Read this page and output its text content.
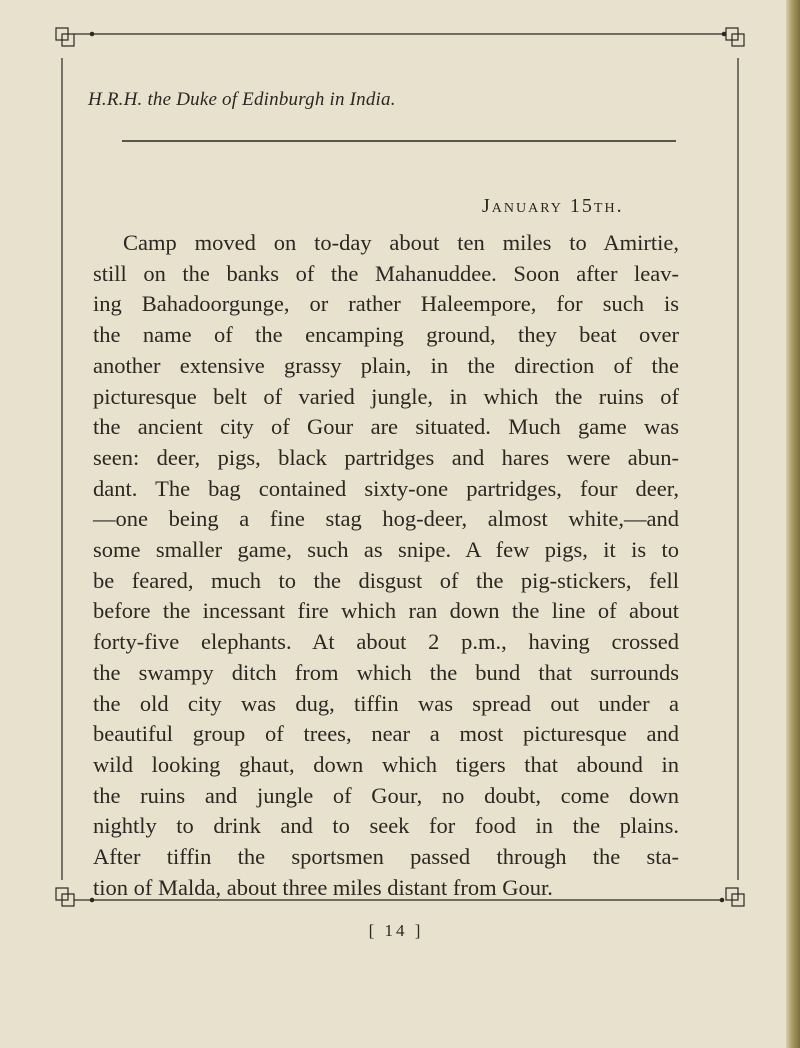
H.R.H. the Duke of Edinburgh in India.
January 15th.
Camp moved on to-day about ten miles to Amirtie,
still on the banks of the Mahanuddee. Soon after leav-
ing Bahadoorgunge, or rather Haleempore, for such is
the name of the encamping ground, they beat over
another extensive grassy plain, in the direction of the
picturesque belt of varied jungle, in which the ruins of
the ancient city of Gour are situated. Much game was
seen: deer, pigs, black partridges and hares were abun-
dant. The bag contained sixty-one partridges, four deer,
—one being a fine stag hog-deer, almost white,—and
some smaller game, such as snipe. A few pigs, it is to
be feared, much to the disgust of the pig-stickers, fell
before the incessant fire which ran down the line of about
forty-five elephants. At about 2 p.m., having crossed
the swampy ditch from which the bund that surrounds
the old city was dug, tiffin was spread out under a
beautiful group of trees, near a most picturesque and
wild looking ghaut, down which tigers that abound in
the ruins and jungle of Gour, no doubt, come down
nightly to drink and to seek for food in the plains.
After tiffin the sportsmen passed through the sta-
tion of Malda, about three miles distant from Gour.
[ 14 ]
